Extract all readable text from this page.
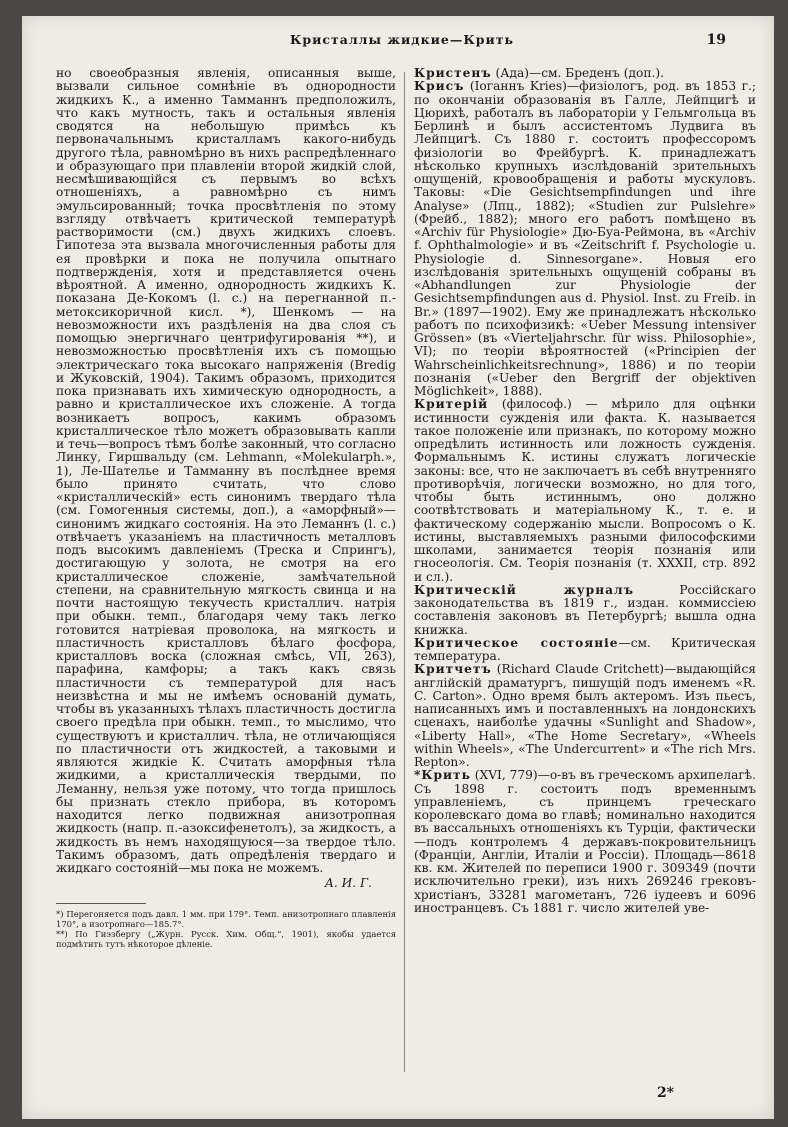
Кристаллы жидкие—Крить	19

но своеобразныя явленія, описанныя выше, вызвали сильное сомнѣніе въ однородности жидкихъ К., а именно Тамманнъ предположилъ, что какъ мутность, такъ и остальныя явленія сводятся на небольшую примѣсь къ первоначальнымъ кристалламъ какого-нибудь другого тѣла, равномѣрно въ нихъ распредѣленнаго и образующаго при плавленіи второй жидкій слой, несмѣшивающійся съ первымъ во всѣхъ отношеніяхъ, а равномѣрно съ нимъ эмульсированный; точка просвѣтленія по этому взгляду отвѣчаетъ критической температурѣ растворимости (см.) двухъ жидкихъ слоевъ. Гипотеза эта вызвала многочисленныя работы для ея провѣрки и пока не получила опытнаго подтвержденія, хотя и представляется очень вѣроятной. А именно, однородность жидкихъ К. показана Де-Кокомъ (l. c.) на перегнанной п.-метоксикоричной кисл. *), Шенкомъ — на невозможности ихъ раздѣленія на два слоя съ помощью энергичнаго центрифугированія **), и невозможностью просвѣтленія ихъ съ помощью электрическаго тока высокаго напряженія (Bredig и Жуковскій, 1904). Такимъ образомъ, приходится пока признавать ихъ химическую однородность, а равно и кристаллическое ихъ сложеніе. А тогда возникаетъ вопросъ, какимъ образомъ кристаллическое тѣло можетъ образовывать капли и течь—вопросъ тѣмъ болѣе законный, что согласно Линку, Гиршвальду (см. Lehmann, «Molekularph.», 1), Ле-Шателье и Тамманну въ послѣднее время было принято считать, что слово «кристаллическій» есть синонимъ твердаго тѣла (см. Гомогенныя системы, доп.), а «аморфный»—синонимъ жидкаго состоянія. На это Леманнъ (l. c.) отвѣчаетъ указаніемъ на пластичность металловъ подъ высокимъ давленіемъ (Треска и Спрингъ), достигающую у золота, не смотря на его кристаллическое сложеніе, замѣчательной степени, на сравнительную мягкость свинца и на почти настоящую текучесть кристаллич. натрія при обыкн. темп., благодаря чему такъ легко готовится натріевая проволока, на мягкость и пластичность кристалловъ бѣлаго фосфора, кристалловъ воска (сложная смѣсь, VII, 263), парафина, камфоры; а такъ какъ связь пластичности съ температурой для насъ неизвѣстна и мы не имѣемъ основаній думать, чтобы въ указанныхъ тѣлахъ пластичность достигла своего предѣла при обыкн. темп., то мыслимо, что существуютъ и кристаллич. тѣла, не отличающіяся по пластичности отъ жидкостей, а таковыми и являются жидкіе К. Считать аморфныя тѣла жидкими, а кристаллическія твердыми, по Леманну, нельзя уже потому, что тогда пришлось бы признать стекло прибора, въ которомъ находится легко подвижная анизотропная жидкость (напр. п.-азоксифенетолъ), за жидкость, а жидкость въ немъ находящуюся—за твердое тѣло. Такимъ образомъ, дать опредѣленія твердаго и жидкаго состояній—мы пока не можемъ.

А. И. Г.

*) Перегоняется подъ давл. 1 мм. при 179°. Темп. анизотропнаго плавленія 170°, а изотропнаго—185.7°.

**) По Гиэзбергу („Журн. Русск. Хим. Общ.“, 1901), якобы удается подмѣтить тутъ нѣкоторое дѣленіе.

Кристенъ (Ада)—см. Бреденъ (доп.).

Криcъ (Іоганнъ Kries)—физіологъ, род. въ 1853 г.; по окончаніи образованія въ Галле, Лейпцигѣ и Цюрихѣ, работалъ въ лабораторіи у Гельмгольца въ Берлинѣ и былъ ассистентомъ Лудвига въ Лейпцигѣ. Съ 1880 г. состоитъ профессоромъ физіологіи во Фрейбургѣ. К. принадлежатъ нѣсколько крупныхъ изслѣдованій зрительныхъ ощущеній, кровообращенія и работы мускуловъ. Таковы: «Die Gesichtsempfindungen und ihre Analyse» (Лпц., 1882); «Studien zur Pulslehre» (Фрейб., 1882); много его работъ помѣщено въ «Archiv für Physiologie» Дю-Буа-Реймона, въ «Archiv f. Ophthalmologie» и въ «Zeitschrift f. Psychologie u. Physiologie d. Sinnesorgane». Новыя его изслѣдованія зрительныхъ ощущеній собраны въ «Abhandlungen zur Physiologie der Gesichtsempfindungen aus d. Physiol. Inst. zu Freib. in Br.» (1897—1902). Ему же принадлежатъ нѣсколько работъ по психофизикѣ: «Ueber Messung intensiver Grössen» (въ «Vierteljahrschr. für wiss. Philosophie», VI); по теоріи вѣроятностей («Principien der Wahrscheinlichkeitsrechnung», 1886) и по теоріи познанія («Ueber den Bergriff der objektiven Möglichkeit», 1888).

Критерій (философ.) — мѣрило для оцѣнки истинности сужденія или факта. К. называется такое положеніе или признакъ, по которому можно опредѣлить истинность или ложность сужденія. Формальнымъ К. истины служатъ логическіе законы: все, что не заключаетъ въ себѣ внутренняго противорѣчія, логически возможно, но для того, чтобы быть истиннымъ, оно должно соотвѣтствовать и матеріальному К., т. е. и фактическому содержанію мысли. Вопросомъ о К. истины, выставляемыхъ разными философскими школами, занимается теорія познанія или гносеологія. См. Теорія познанія (т. XXXII, стр. 892 и сл.).

Критическій журналъ Россійскаго законодательства въ 1819 г., издан. коммиссіею составленія законовъ въ Петербургѣ; вышла одна книжка.

Критическое состояніе—см. Критическая температура.

Критчетъ (Richard Claude Critchett)—выдающійся англійскій драматургъ, пишущій подъ именемъ «R. C. Carton». Одно время былъ актеромъ. Изъ пьесъ, написанныхъ имъ и поставленныхъ на лондонскихъ сценахъ, наиболѣе удачны «Sunlight and Shadow», «Liberty Hall», «The Home Secretary», «Wheels within Wheels», «The Undercurrent» и «The rich Mrs. Repton».

*Крить (XVI, 779)—о-въ въ греческомъ архипелагѣ. Съ 1898 г. состоитъ подъ временнымъ управленіемъ, съ принцемъ греческаго королевскаго дома во главѣ; номинально находится въ вассальныхъ отношеніяхъ къ Турціи, фактически—подъ контролемъ 4 державъ-покровительницъ (Франціи, Англіи, Италіи и Россіи). Площадь—8618 кв. км. Жителей по переписи 1900 г. 309349 (почти исключительно греки), изъ нихъ 269246 грековъ-христіанъ, 33281 магометанъ, 726 іудеевъ и 6096 иностранцевъ. Съ 1881 г. число жителей уве-

2*
